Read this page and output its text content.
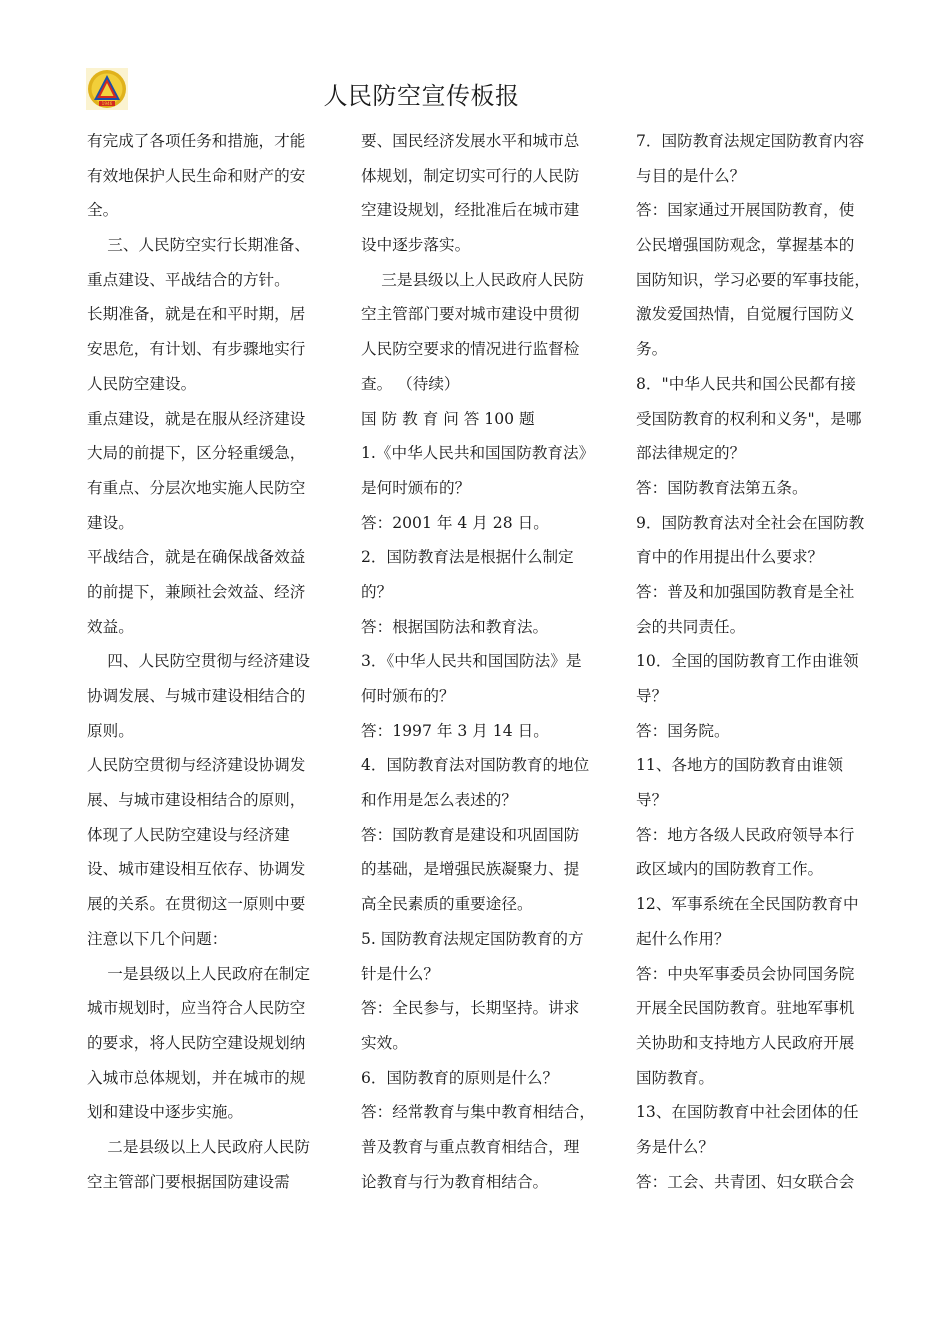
1946	人民防空宣传板报
有完成了各项任务和措施，才能
有效地保护人民生命和财产的安
全。
三、人民防空实行长期准备、
重点建设、平战结合的方针。
长期准备，就是在和平时期，居
安思危，有计划、有步骤地实行
人民防空建设。
重点建设，就是在服从经济建设
大局的前提下，区分轻重缓急，
有重点、分层次地实施人民防空
建设。
平战结合，就是在确保战备效益
的前提下，兼顾社会效益、经济
效益。
四、人民防空贯彻与经济建设
协调发展、与城市建设相结合的
原则。
人民防空贯彻与经济建设协调发
展、与城市建设相结合的原则，
体现了人民防空建设与经济建
设、城市建设相互依存、协调发
展的关系。在贯彻这一原则中要
注意以下几个问题：
一是县级以上人民政府在制定
城市规划时，应当符合人民防空
的要求，将人民防空建设规划纳
入城市总体规划，并在城市的规
划和建设中逐步实施。
二是县级以上人民政府人民防
空主管部门要根据国防建设需
要、国民经济发展水平和城市总
体规划，制定切实可行的人民防
空建设规划，经批准后在城市建
设中逐步落实。
三是县级以上人民政府人民防
空主管部门要对城市建设中贯彻
人民防空要求的情况进行监督检
查。 （待续）
国 防 教 育 问 答 100 题
1.《中华人民共和国国防教育法》
是何时颁布的？
答：2001 年 4 月 28 日。
2．国防教育法是根据什么制定
的？
答：根据国防法和教育法。
3．《中华人民共和国国防法》是
何时颁布的？
答：1997 年 3 月 14 日。
4．国防教育法对国防教育的地位
和作用是怎么表述的？
答：国防教育是建设和巩固国防
的基础，是增强民族凝聚力、提
高全民素质的重要途径。
5. 国防教育法规定国防教育的方
针是什么？
答：全民参与，长期坚持。讲求
实效。
6．国防教育的原则是什么？
答：经常教育与集中教育相结合，
普及教育与重点教育相结合，理
论教育与行为教育相结合。
7．国防教育法规定国防教育内容
与目的是什么？
答：国家通过开展国防教育，使
公民增强国防观念，掌握基本的
国防知识，学习必要的军事技能，
激发爱国热情，自觉履行国防义
务。
8．"中华人民共和国公民都有接
受国防教育的权利和义务"，是哪
部法律规定的？
答：国防教育法第五条。
9．国防教育法对全社会在国防教
育中的作用提出什么要求？
答：普及和加强国防教育是全社
会的共同责任。
10．全国的国防教育工作由谁领
导？
答：国务院。
11、各地方的国防教育由谁领
导？
答：地方各级人民政府领导本行
政区域内的国防教育工作。
12、军事系统在全民国防教育中
起什么作用？
答：中央军事委员会协同国务院
开展全民国防教育。驻地军事机
关协助和支持地方人民政府开展
国防教育。
13、在国防教育中社会团体的任
务是什么？
答：工会、共青团、妇女联合会
